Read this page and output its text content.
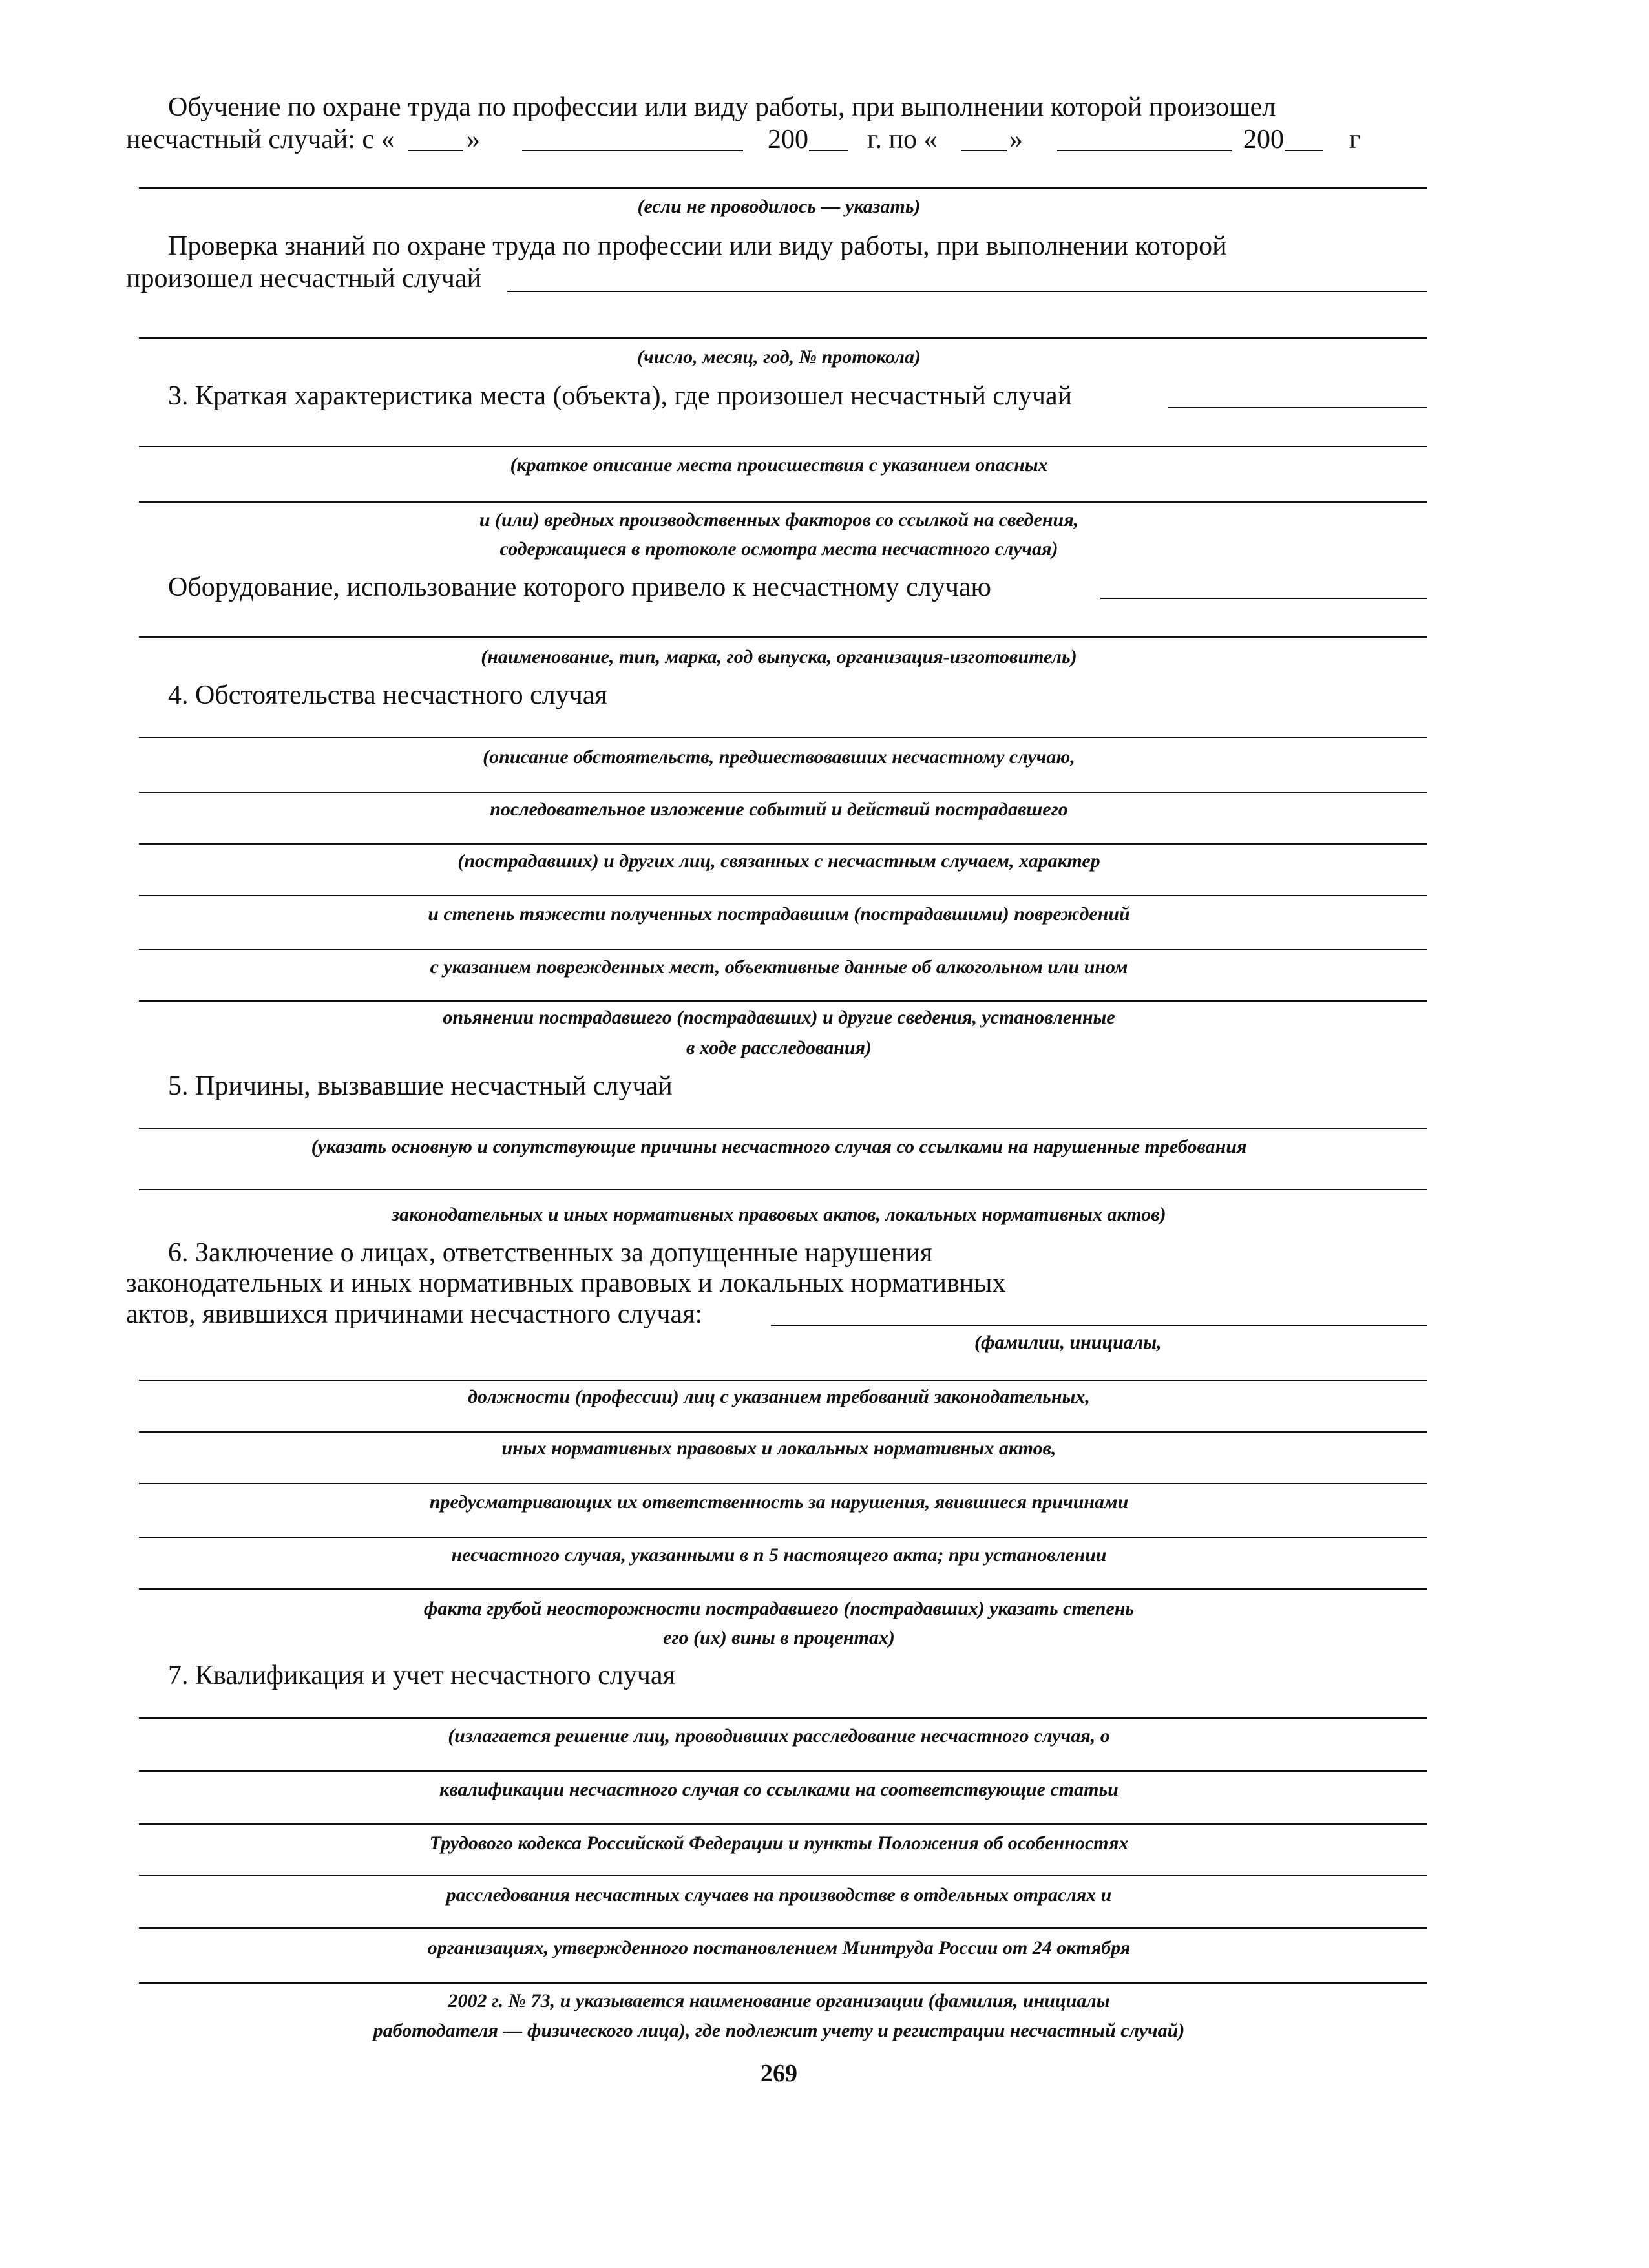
Обучение по охране труда по профессии или виду работы, при выполнении которой произошел
несчастный случай: с «	»	200 г. по «	»	200 г
(если не проводилось — указать)
Проверка знаний по охране труда по профессии или виду работы, при выполнении которой
произошел несчастный случай
(число, месяц, год, № протокола)
3. Краткая характеристика места (объекта), где произошел несчастный случай
(краткое описание места происшествия с указанием опасных
и (или) вредных производственных факторов со ссылкой на сведения,
содержащиеся в протоколе осмотра места несчастного случая)
Оборудование, использование которого привело к несчастному случаю
(наименование, тип, марка, год выпуска, организация-изготовитель)
4. Обстоятельства несчастного случая
(описание обстоятельств, предшествовавших несчастному случаю,
последовательное изложение событий и действий пострадавшего
(пострадавших) и других лиц, связанных с несчастным случаем, характер
и степень тяжести полученных пострадавшим (пострадавшими) повреждений
с указанием поврежденных мест, объективные данные об алкогольном или ином
опьянении пострадавшего (пострадавших) и другие сведения, установленные
в ходе расследования)
5. Причины, вызвавшие несчастный случай
(указать основную и сопутствующие причины несчастного случая со ссылками на нарушенные требования
законодательных и иных нормативных правовых актов, локальных нормативных актов)
6. Заключение о лицах, ответственных за допущенные нарушения
законодательных и иных нормативных правовых и локальных нормативных
актов, явившихся причинами несчастного случая:
(фамилии, инициалы,
должности (профессии) лиц с указанием требований законодательных,
иных нормативных правовых и локальных нормативных актов,
предусматривающих их ответственность за нарушения, явившиеся причинами
несчастного случая, указанными в п 5 настоящего акта; при установлении
факта грубой неосторожности пострадавшего (пострадавших) указать степень
его (их) вины в процентах)
7. Квалификация и учет несчастного случая
(излагается решение лиц, проводивших расследование несчастного случая, о
квалификации несчастного случая со ссылками на соответствующие статьи
Трудового кодекса Российской Федерации и пункты Положения об особенностях
расследования несчастных случаев на производстве в отдельных отраслях и
организациях, утвержденного постановлением Минтруда России от 24 октября
2002 г. № 73, и указывается наименование организации (фамилия, инициалы
работодателя — физического лица), где подлежит учету и регистрации несчастный случай)
269
